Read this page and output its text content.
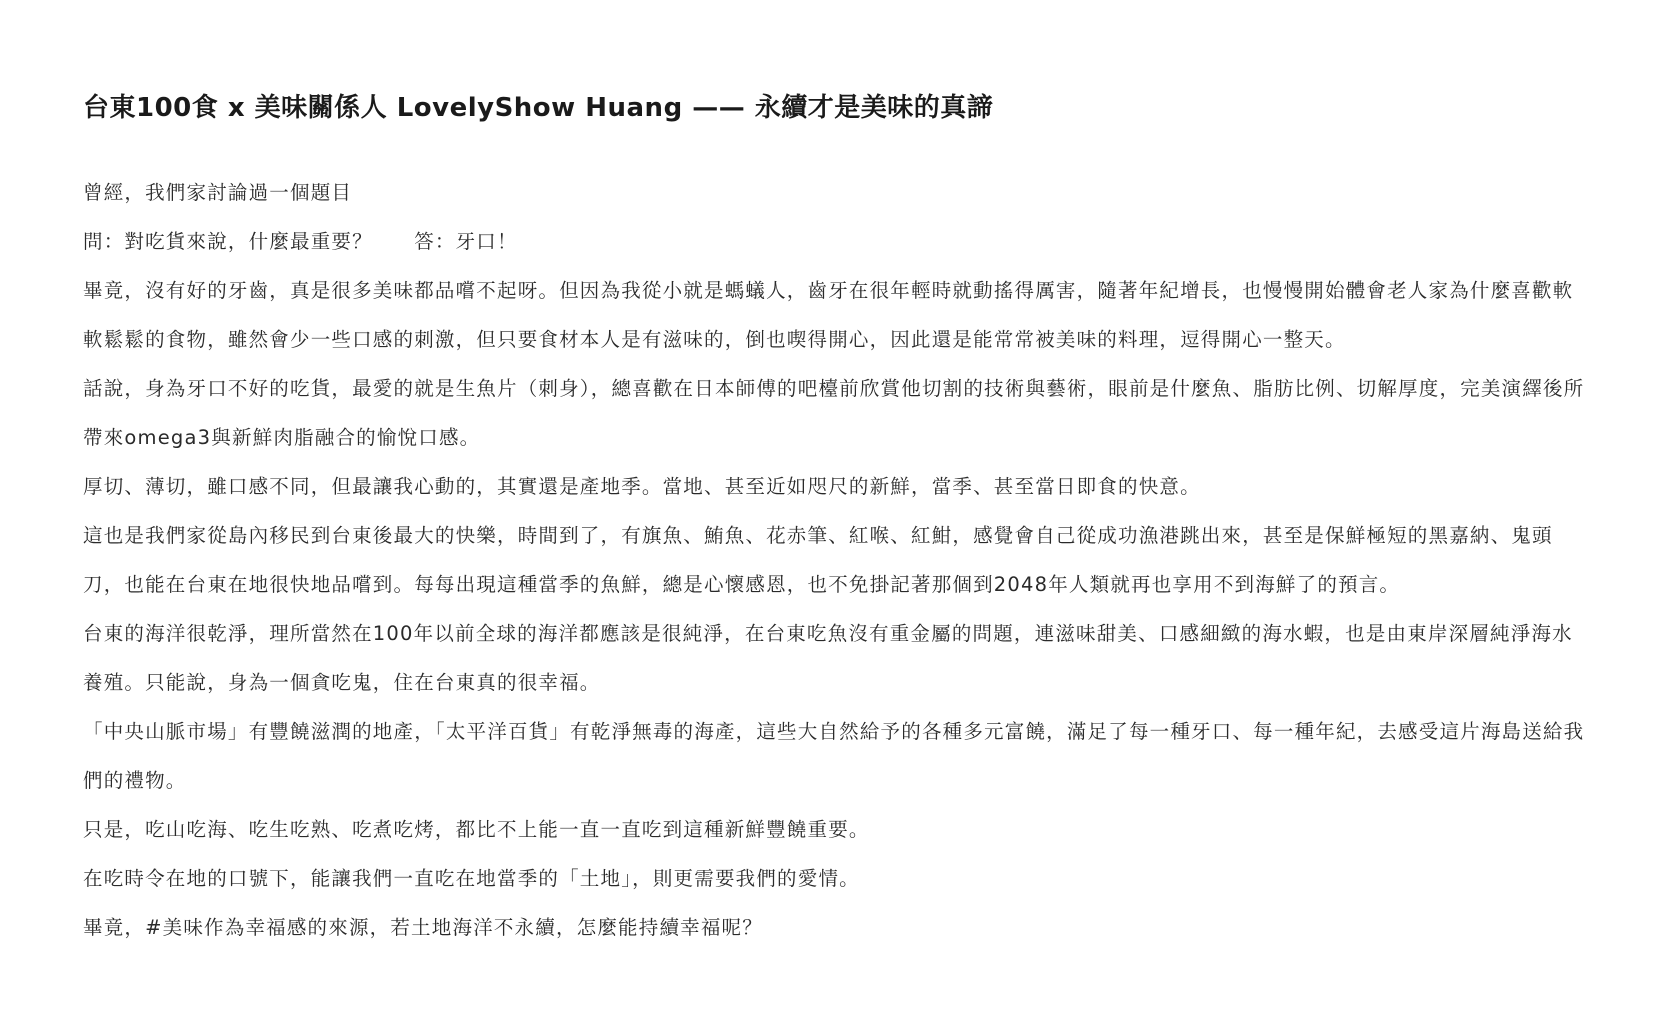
台東100食 x 美味關係人 LovelyShow Huang —— 永續才是美味的真諦

曾經，我們家討論過一個題目

問：對吃貨來說，什麼最重要？　　答：牙口！

畢竟，沒有好的牙齒，真是很多美味都品嚐不起呀。但因為我從小就是螞蟻人，齒牙在很年輕時就動搖得厲害，隨著年紀增長，也慢慢開始體會老人家為什麼喜歡軟軟鬆鬆的食物，雖然會少一些口感的刺激，但只要食材本人是有滋味的，倒也喫得開心，因此還是能常常被美味的料理，逗得開心一整天。

話說，身為牙口不好的吃貨，最愛的就是生魚片（刺身），總喜歡在日本師傅的吧檯前欣賞他切割的技術與藝術，眼前是什麼魚、脂肪比例、切解厚度，完美演繹後所帶來omega3與新鮮肉脂融合的愉悅口感。

厚切、薄切，雖口感不同，但最讓我心動的，其實還是產地季。當地、甚至近如咫尺的新鮮，當季、甚至當日即食的快意。

這也是我們家從島內移民到台東後最大的快樂，時間到了，有旗魚、鮪魚、花赤筆、紅喉、紅魽，感覺會自己從成功漁港跳出來，甚至是保鮮極短的黑嘉納、鬼頭刀，也能在台東在地很快地品嚐到。每每出現這種當季的魚鮮，總是心懷感恩，也不免掛記著那個到2048年人類就再也享用不到海鮮了的預言。

台東的海洋很乾淨，理所當然在100年以前全球的海洋都應該是很純淨，在台東吃魚沒有重金屬的問題，連滋味甜美、口感細緻的海水蝦，也是由東岸深層純淨海水養殖。只能說，身為一個貪吃鬼，住在台東真的很幸福。

「中央山脈市場」有豐饒滋潤的地產，「太平洋百貨」有乾淨無毒的海產，這些大自然給予的各種多元富饒，滿足了每一種牙口、每一種年紀，去感受這片海島送給我們的禮物。

只是，吃山吃海、吃生吃熟、吃煮吃烤，都比不上能一直一直吃到這種新鮮豐饒重要。

在吃時令在地的口號下，能讓我們一直吃在地當季的「土地」，則更需要我們的愛情。

畢竟，#美味作為幸福感的來源，若土地海洋不永續，怎麼能持續幸福呢？
